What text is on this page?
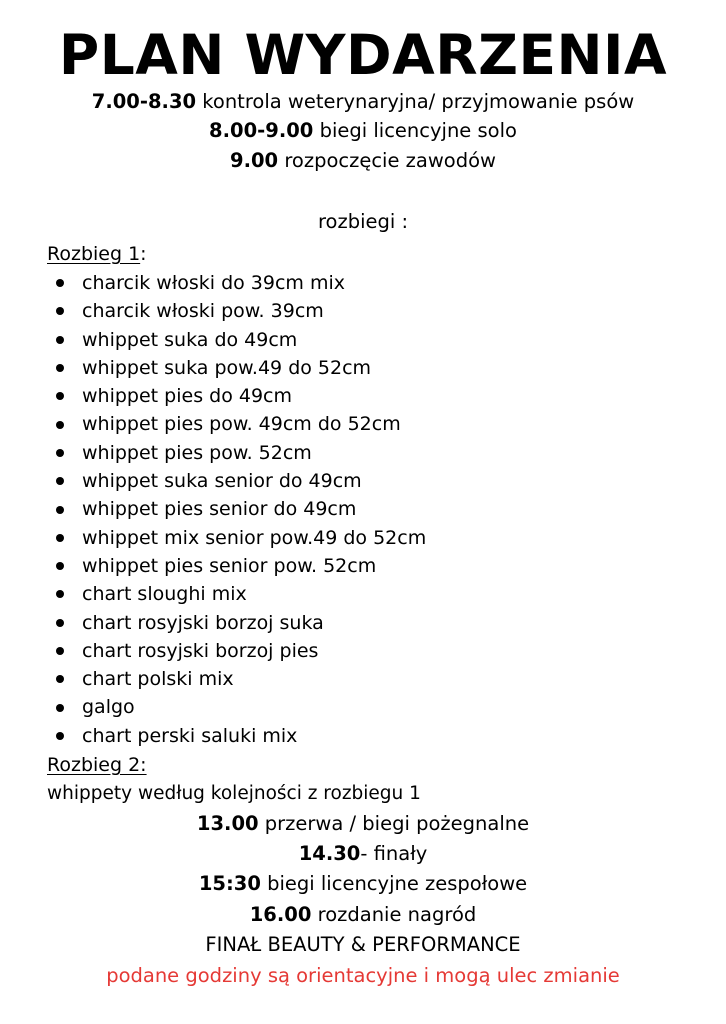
PLAN WYDARZENIA
7.00-8.30 kontrola weterynaryjna/ przyjmowanie psów
8.00-9.00 biegi licencyjne solo
9.00 rozpoczęcie zawodów
rozbiegi :
Rozbieg 1:
charcik włoski do 39cm mix
charcik włoski pow. 39cm
whippet suka do 49cm
whippet suka pow.49 do 52cm
whippet pies do 49cm
whippet pies pow. 49cm do 52cm
whippet pies pow. 52cm
whippet suka senior do 49cm
whippet pies senior do 49cm
whippet mix senior pow.49 do 52cm
whippet pies senior pow. 52cm
chart sloughi mix
chart rosyjski borzoj suka
chart rosyjski borzoj pies
chart polski mix
galgo
chart perski saluki mix
Rozbieg 2:
whippety według kolejności z rozbiegu 1
13.00 przerwa / biegi pożegnalne
14.30- finały
15:30 biegi licencyjne zespołowe
16.00 rozdanie nagród
FINAŁ BEAUTY & PERFORMANCE
podane godziny są orientacyjne i mogą ulec zmianie
